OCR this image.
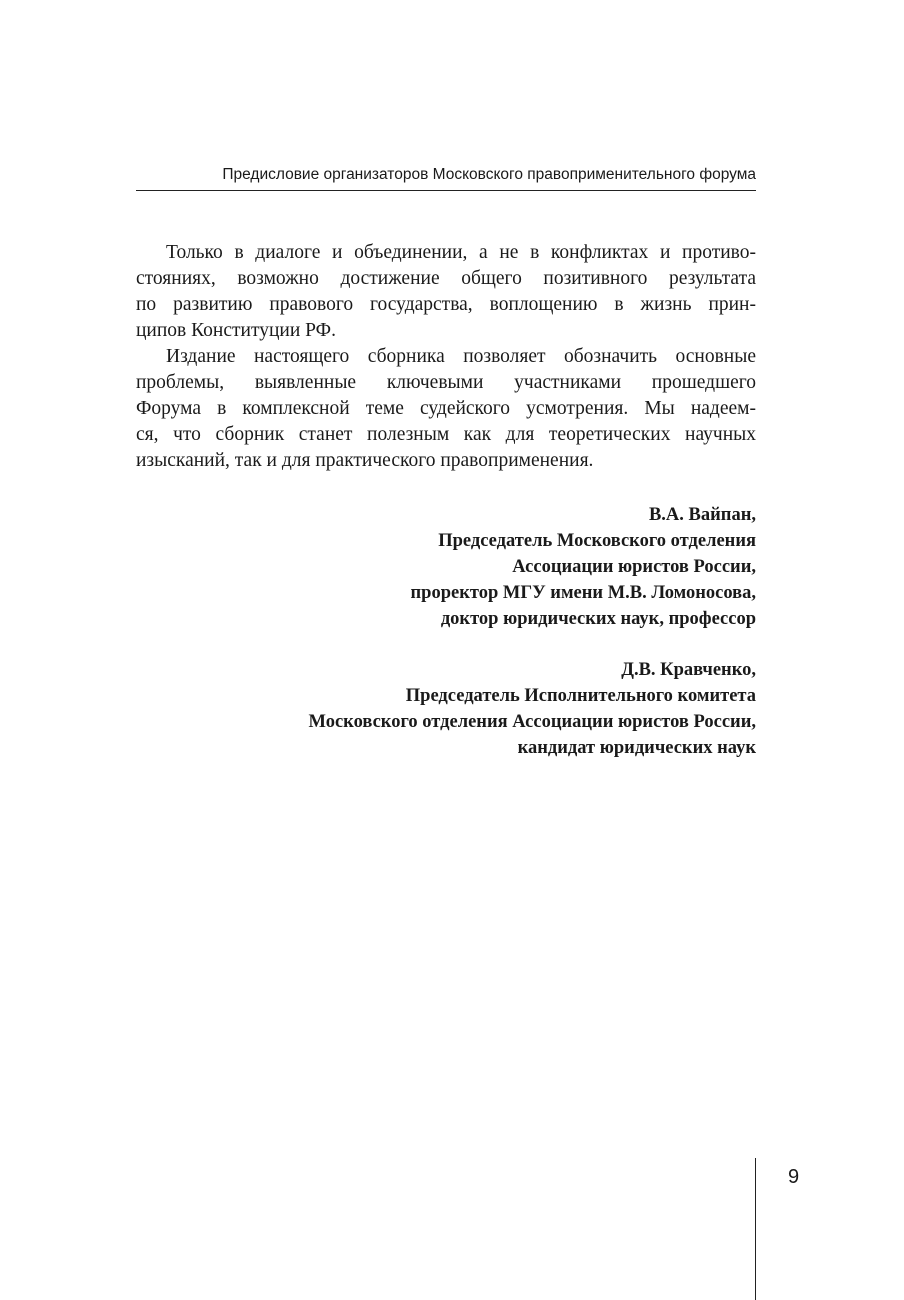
Предисловие организаторов Московского правоприменительного форума
Только в диалоге и объединении, а не в конфликтах и противо-
стояниях, возможно достижение общего позитивного результата
по развитию правового государства, воплощению в жизнь прин-
ципов Конституции РФ.
Издание настоящего сборника позволяет обозначить основные
проблемы, выявленные ключевыми участниками прошедшего
Форума в комплексной теме судейского усмотрения. Мы надеем-
ся, что сборник станет полезным как для теоретических научных
изысканий, так и для практического правоприменения.
В.А. Вайпан,
Председатель Московского отделения
Ассоциации юристов России,
проректор МГУ имени М.В. Ломоносова,
доктор юридических наук, профессор
Д.В. Кравченко,
Председатель Исполнительного комитета
Московского отделения Ассоциации юристов России,
кандидат юридических наук
9
